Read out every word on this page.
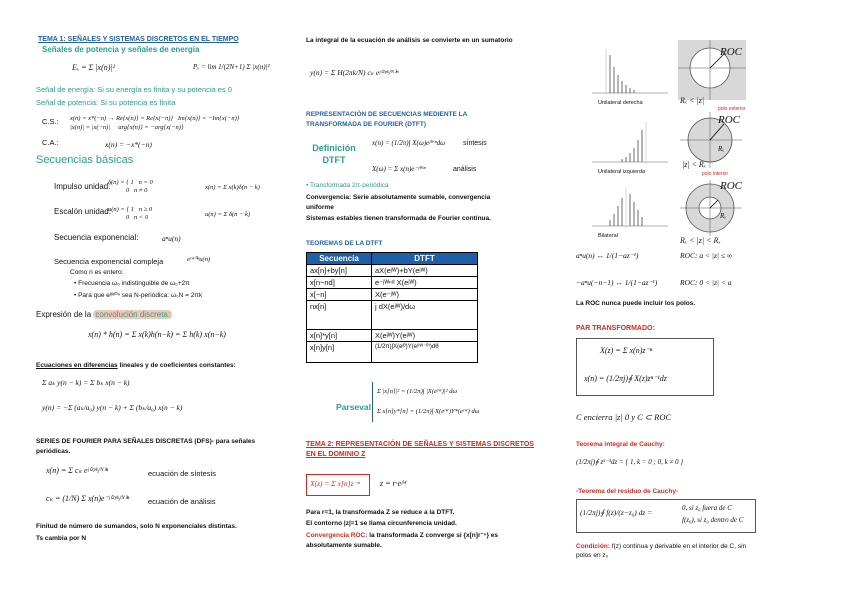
TEMA 1: SEÑALES Y SISTEMAS DISCRETOS EN EL TIEMPO
Señales de potencia y señales de energía
Eₓ = Σ |x(n)|²	Pₓ = lim 1/(2N+1) Σ |x(n)|²
Señal de energía: Si su energía es finita y su potencia es 0
Señal de potencia: Si su potencia es finita
C.S.: x(n) = x*(−n) → Re{x(n)} = Re{x(−n)}   Im{x(n)} = −Im{x(−n)}
|x(n)| = |x(−n)|     arg{x(n)} = −arg{x(−n)}
C.A.:	x(n) = −x*(−n)
Secuencias básicas
Impulso unidad:
δ(n) = { 1   n = 0
0   n ≠ 0	x(n) = Σ x(k)δ(n − k)
Escalón unidad:
u(n) = { 1   n ≥ 0
0   n < 0	u(n) = Σ δ(n − k)
Secuencia exponencial:	aⁿu(n)
Secuencia exponencial compleja	eʲᵂ⁰ⁿu(n)
Como n es entero:
• Frecuencia ω₀ indistinguible de ω₀+2π
• Para que eʲᵂ⁰ⁿ sea N-periódica: ω₀N = 2πk
Expresión de la convolución discreta:
x(n) * h(n) = Σ x(k)h(n−k) = Σ h(k) x(n−k)
Ecuaciones en diferencias lineales y de coeficientes constantes:
Σ aₖ y(n − k) = Σ bₖ x(n − k)
y(n) = −Σ (aₖ/a₀) y(n − k) + Σ (bₖ/a₀) x(n − k)
SERIES DE FOURIER PARA SEÑALES DISCRETAS (DFS)- para señales periódicas.
x(n) = Σ cₖ eʲ⁽²ᵖᵏ/ᴺ⁾ⁿ	ecuación de síntesis
cₖ = (1/N) Σ x(n)e⁻ʲ⁽²ᵖᵏ/ᴺ⁾ⁿ	ecuación de análisis
Finitud de número de sumandos, solo N exponenciales distintas.
Ts cambia por N
La integral de la ecuación de análisis se convierte en un sumatorio
y(n) = Σ H(2πk/N) cₖ eʲ⁽²ᵖᵏ/ᴺ⁾ⁿ
REPRESENTACIÓN DE SECUENCIAS MEDIENTE LA TRANSFORMADA DE FOURIER (DTFT)
Definición DTFT
x(n) = (1/2π)∫ X(ω)eʲᵂⁿdω	síntesis
X(ω) = Σ x(n)e⁻ʲᵂⁿ	análisis
• Transformada 2π-periódica
Convergencia: Serie absolutamente sumable, convergencia uniforme
Sistemas estables tienen transformada de Fourier contínua.
TEOREMAS DE LA DTFT
Secuencia	DTFT
ax[n]+by[n]	aX(eʲᵂ)+bY(eʲᵂ)
x[n−nd]	e⁻ʲᵂⁿᵈ X(eʲᵂ)
x[−n]	X(e⁻ʲᵂ)
nx[n]	j dX(eʲᵂ)/dω
x[n]*y[n]	X(eʲᵂ)Y(eʲᵂ)
x[n]y[n]	(1/2π)∫X(eʲᶿ)Y(eʲ⁽ᵂ⁻ᶿ⁾)dθ
Parseval
Σ |x[n]|² = (1/2π)∫ |X(eʲᵂ)|² dω
Σ x[n]y*[n] = (1/2π)∫ X(eʲᵂ)Y*(eʲᵂ) dω
TEMA 2: REPRESENTACIÓN DE SEÑALES Y SISTEMAS DISCRETOS EN EL DOMINIO Z
X(z) = Σ x[n]z⁻ⁿ	z = r·eʲᵂ
Para r=1, la transformada Z se reduce a la DTFT.
El contorno |z|=1 se llama circunferencia unidad.
Convergencia ROC: la transformada Z converge si {x[n]r⁻ⁿ} es absolutamente sumable.
Unilateral derecha
ROC
Rₓ < |z|
polo exterior
Unilateral izquierda
ROC
Rₓ
|z| < Rₓ
polo interior
Bilateral
ROC
Rₓ
Rₓ < |z| < Rₓ
aⁿu(n) ↔ 1/(1−az⁻¹)	ROC: a < |z| ≤ ∞
−aⁿu(−n−1) ↔ 1/(1−az⁻¹)	ROC: 0 < |z| < a
La ROC nunca puede incluir los polos.
PAR TRANSFORMADO:
X(z) = Σ x(n)z⁻ⁿ
x(n) = (1/2πj)∮ X(z)zⁿ⁻¹dz
C encierra |z| 0 y C ⊂ ROC
Teorema integral de Cauchy:
(1/2πj)∮ zᵏ⁻¹dz = { 1, k = 0 ; 0, k ≠ 0 }
-Teorema del residuo de Cauchy-
(1/2πj)∮ f(z)/(z−z₀) dz =	0, si z₀ fuera de C
f(z₀), si z₀ dentro de C
Condición: f(z) contínua y derivable en el interior de C, sin polos en z₀
